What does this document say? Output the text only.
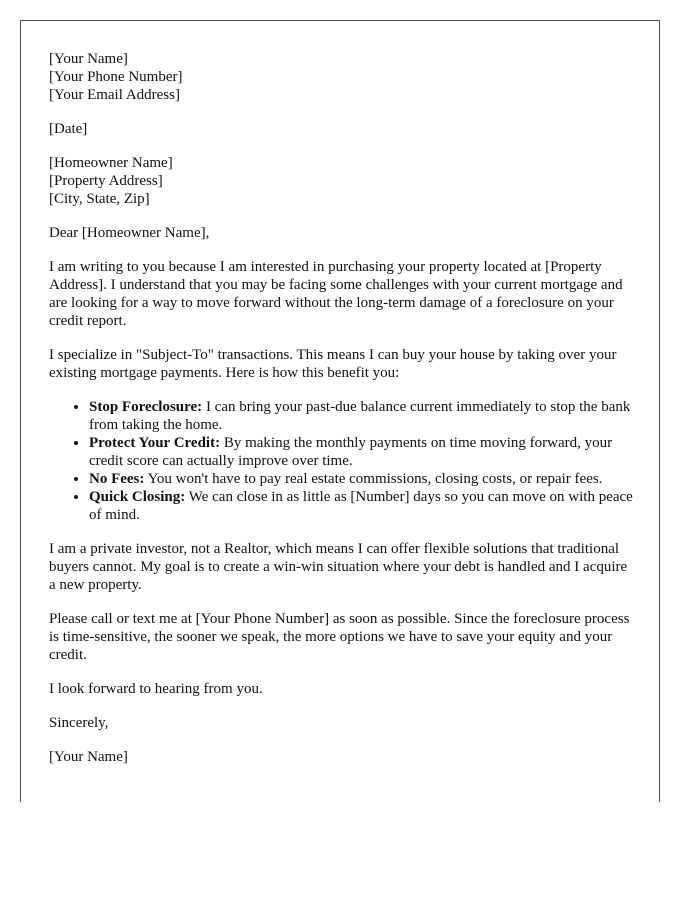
[Your Name]

[Your Phone Number]

[Your Email Address]

[Date]

[Homeowner Name]

[Property Address]

[City, State, Zip]

Dear [Homeowner Name],

I am writing to you because I am interested in purchasing your property located at [Property Address]. I understand that you may be facing some challenges with your current mortgage and are looking for a way to move forward without the long-term damage of a foreclosure on your credit report.

I specialize in "Subject-To" transactions. This means I can buy your house by taking over your existing mortgage payments. Here is how this benefit you:

• Stop Foreclosure: I can bring your past-due balance current immediately to stop the bank from taking the home.
• Protect Your Credit: By making the monthly payments on time moving forward, your credit score can actually improve over time.
• No Fees: You won't have to pay real estate commissions, closing costs, or repair fees.
• Quick Closing: We can close in as little as [Number] days so you can move on with peace of mind.

I am a private investor, not a Realtor, which means I can offer flexible solutions that traditional buyers cannot. My goal is to create a win-win situation where your debt is handled and I acquire a new property.

Please call or text me at [Your Phone Number] as soon as possible. Since the foreclosure process is time-sensitive, the sooner we speak, the more options we have to save your equity and your credit.

I look forward to hearing from you.

Sincerely,

[Your Name]
